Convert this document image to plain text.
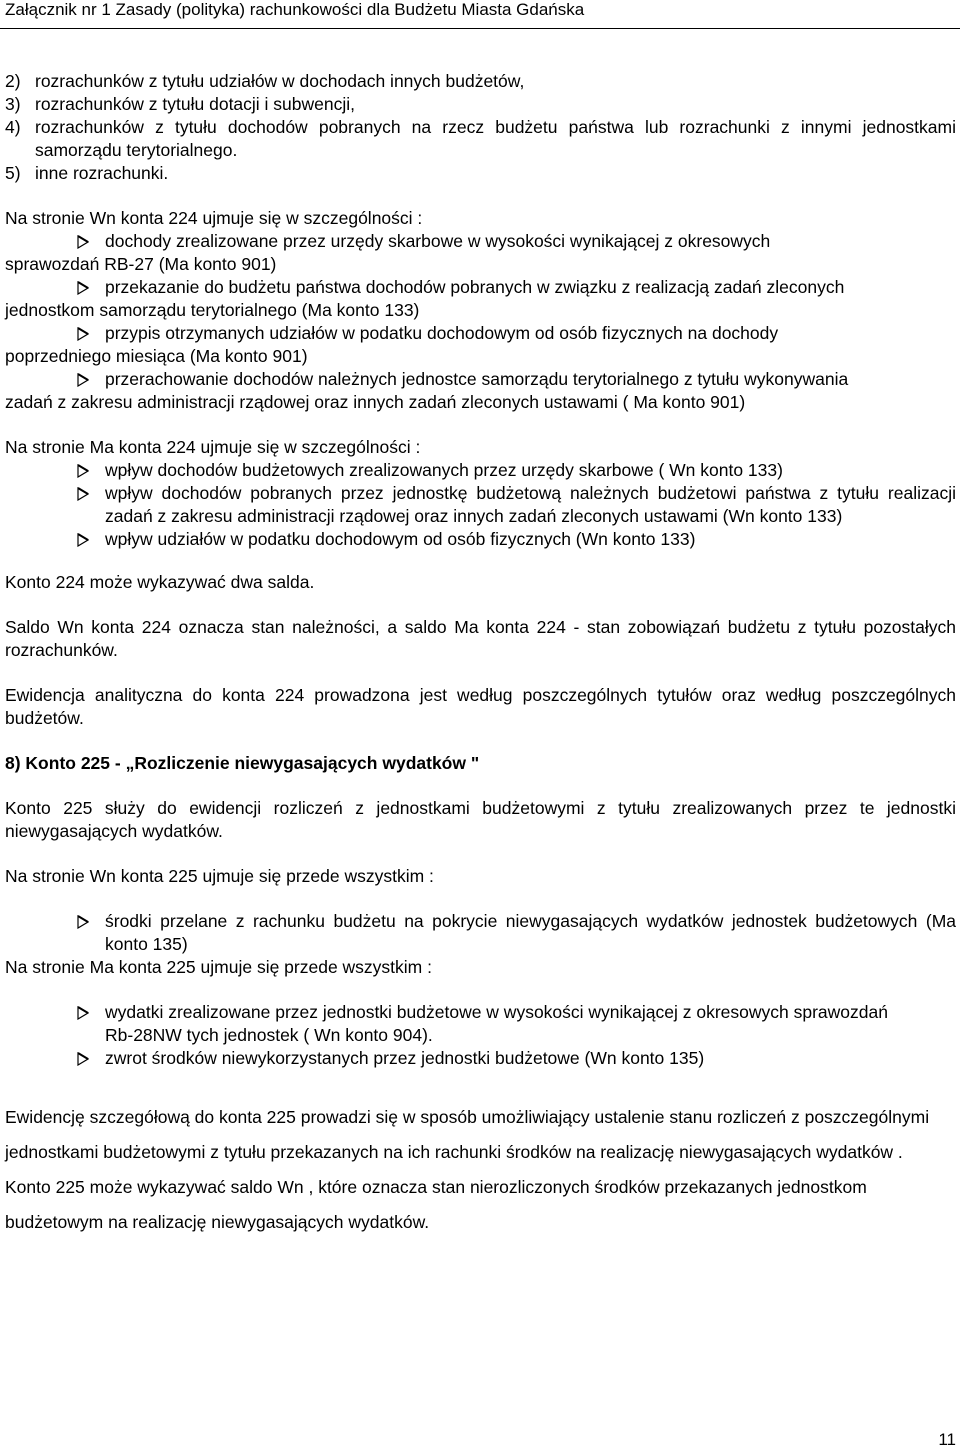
Załącznik nr 1 Zasady (polityka) rachunkowości dla Budżetu Miasta Gdańska
2) rozrachunków z tytułu udziałów w dochodach innych budżetów,
3) rozrachunków z tytułu dotacji i subwencji,
4) rozrachunków z tytułu dochodów pobranych na rzecz budżetu państwa lub rozrachunki z innymi jednostkami samorządu terytorialnego.
5) inne rozrachunki.

Na stronie Wn konta 224 ujmuje się w szczególności :

dochody zrealizowane przez urzędy skarbowe w wysokości wynikającej z okresowych
sprawozdań RB-27 (Ma konto 901)
przekazanie do budżetu państwa dochodów pobranych w związku z realizacją zadań zleconych
jednostkom samorządu terytorialnego (Ma konto 133)
przypis otrzymanych udziałów w podatku dochodowym od osób fizycznych na dochody
poprzedniego miesiąca (Ma konto 901)
przerachowanie dochodów należnych jednostce samorządu terytorialnego z tytułu wykonywania
zadań z zakresu administracji rządowej oraz innych zadań zleconych ustawami ( Ma konto 901)

Na stronie Ma konta 224 ujmuje się w szczególności :

wpływ dochodów budżetowych zrealizowanych przez urzędy skarbowe ( Wn konto 133)
wpływ dochodów pobranych przez jednostkę budżetową należnych budżetowi państwa z tytułu realizacji zadań z zakresu administracji rządowej oraz innych zadań zleconych ustawami (Wn konto 133)
wpływ udziałów w podatku dochodowym od osób fizycznych (Wn konto 133)

Konto 224 może wykazywać dwa salda.

Saldo Wn konta 224 oznacza stan należności, a saldo Ma konta 224 - stan zobowiązań budżetu z tytułu pozostałych rozrachunków.

Ewidencja analityczna do konta 224 prowadzona jest według poszczególnych tytułów oraz według poszczególnych budżetów.

8) Konto 225 - „Rozliczenie niewygasających wydatków "

Konto 225 służy do ewidencji rozliczeń z jednostkami budżetowymi z tytułu zrealizowanych przez te jednostki niewygasających wydatków.

Na stronie Wn konta 225 ujmuje się przede wszystkim :

środki przelane z rachunku budżetu na pokrycie niewygasających wydatków jednostek budżetowych (Ma konto 135)

Na stronie Ma konta 225 ujmuje się przede wszystkim :

wydatki zrealizowane przez jednostki budżetowe w wysokości wynikającej z okresowych sprawozdań Rb-28NW tych jednostek ( Wn konto 904).
zwrot środków niewykorzystanych przez jednostki budżetowe (Wn konto 135)

Ewidencję szczegółową do konta 225 prowadzi się w sposób umożliwiający ustalenie stanu rozliczeń z poszczególnymi jednostkami budżetowymi z tytułu przekazanych na ich rachunki środków na realizację niewygasających wydatków .

Konto 225 może wykazywać saldo Wn , które oznacza stan nierozliczonych środków przekazanych jednostkom budżetowym na realizację niewygasających wydatków.

11
